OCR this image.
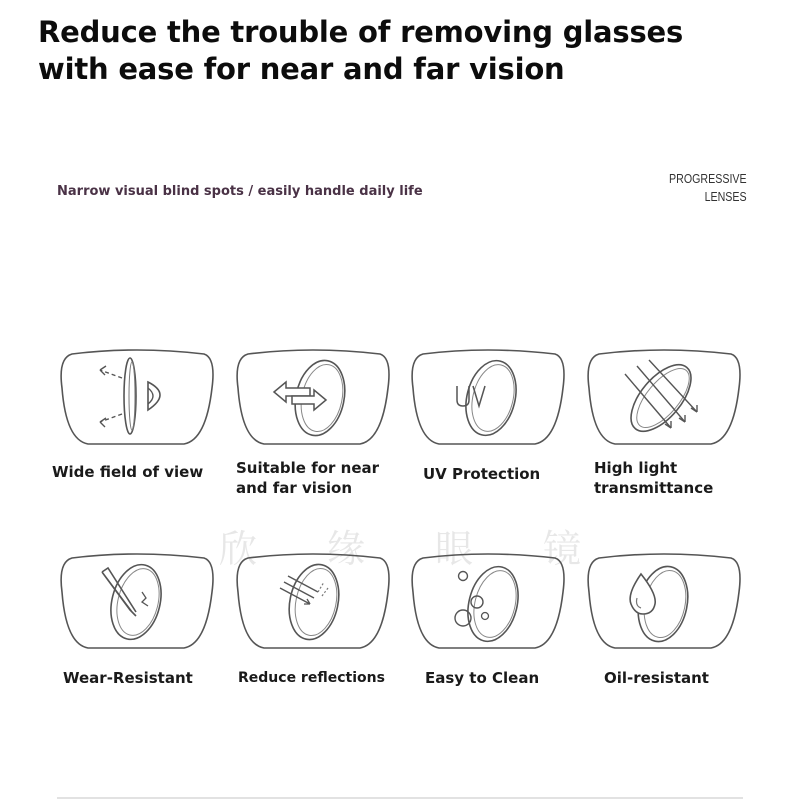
Reduce the trouble of removing glasses
with ease for near and far vision
Narrow visual blind spots / easily handle daily life
PROGRESSIVE
LENSES
欣 缘 眼 镜
Wide field of view Suitable for near
and far vision
UV Protection	High light
transmittance
Wear-Resistant	Reduce reflections	Easy to Clean	Oil-resistant
